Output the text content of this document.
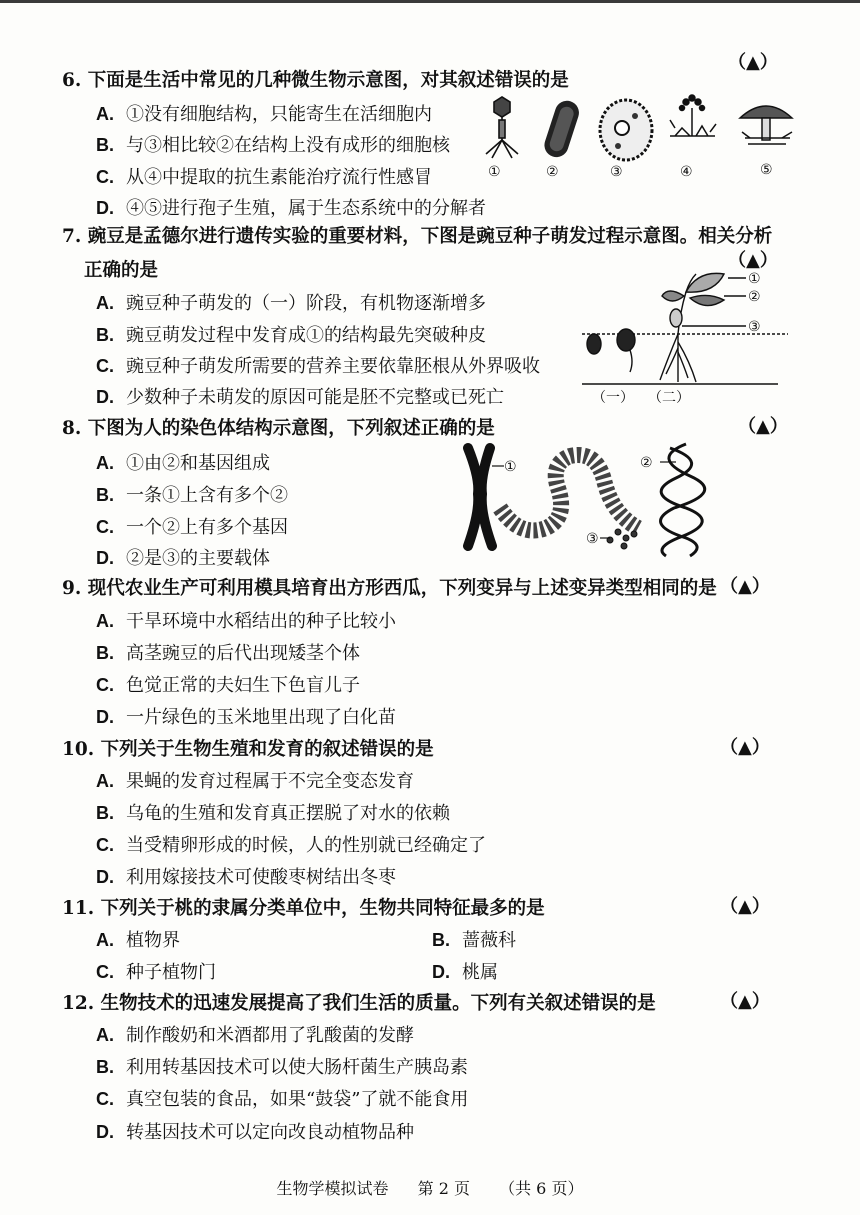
（▲）
6. 下面是生活中常见的几种微生物示意图，对其叙述错误的是
A. ①没有细胞结构，只能寄生在活细胞内
B. 与③相比较②在结构上没有成形的细胞核
C. 从④中提取的抗生素能治疗流行性感冒
D. ④⑤进行孢子生殖，属于生态系统中的分解者
①	②	③	④	⑤
7. 豌豆是孟德尔进行遗传实验的重要材料，下图是豌豆种子萌发过程示意图。相关分析
正确的是	（▲）
A. 豌豆种子萌发的（一）阶段，有机物逐渐增多
B. 豌豆萌发过程中发育成①的结构最先突破种皮
C. 豌豆种子萌发所需要的营养主要依靠胚根从外界吸收
D. 少数种子未萌发的原因可能是胚不完整或已死亡
①
②
③
（一） （二）
8. 下图为人的染色体结构示意图，下列叙述正确的是	（▲）
A. ①由②和基因组成
B. 一条①上含有多个②
C. 一个②上有多个基因
D. ②是③的主要载体
①	②
③
9. 现代农业生产可利用模具培育出方形西瓜，下列变异与上述变异类型相同的是 （▲）
A. 干旱环境中水稻结出的种子比较小
B. 高茎豌豆的后代出现矮茎个体
C. 色觉正常的夫妇生下色盲儿子
D. 一片绿色的玉米地里出现了白化苗
10. 下列关于生物生殖和发育的叙述错误的是	（▲）
A. 果蝇的发育过程属于不完全变态发育
B. 乌龟的生殖和发育真正摆脱了对水的依赖
C. 当受精卵形成的时候，人的性别就已经确定了
D. 利用嫁接技术可使酸枣树结出冬枣
11. 下列关于桃的隶属分类单位中，生物共同特征最多的是	（▲）
A. 植物界	B. 蔷薇科
C. 种子植物门	D. 桃属
12. 生物技术的迅速发展提高了我们生活的质量。下列有关叙述错误的是	（▲）
A. 制作酸奶和米酒都用了乳酸菌的发酵
B. 利用转基因技术可以使大肠杆菌生产胰岛素
C. 真空包装的食品，如果“鼓袋”了就不能食用
D. 转基因技术可以定向改良动植物品种
生物学模拟试卷 第 2 页 （共 6 页）
